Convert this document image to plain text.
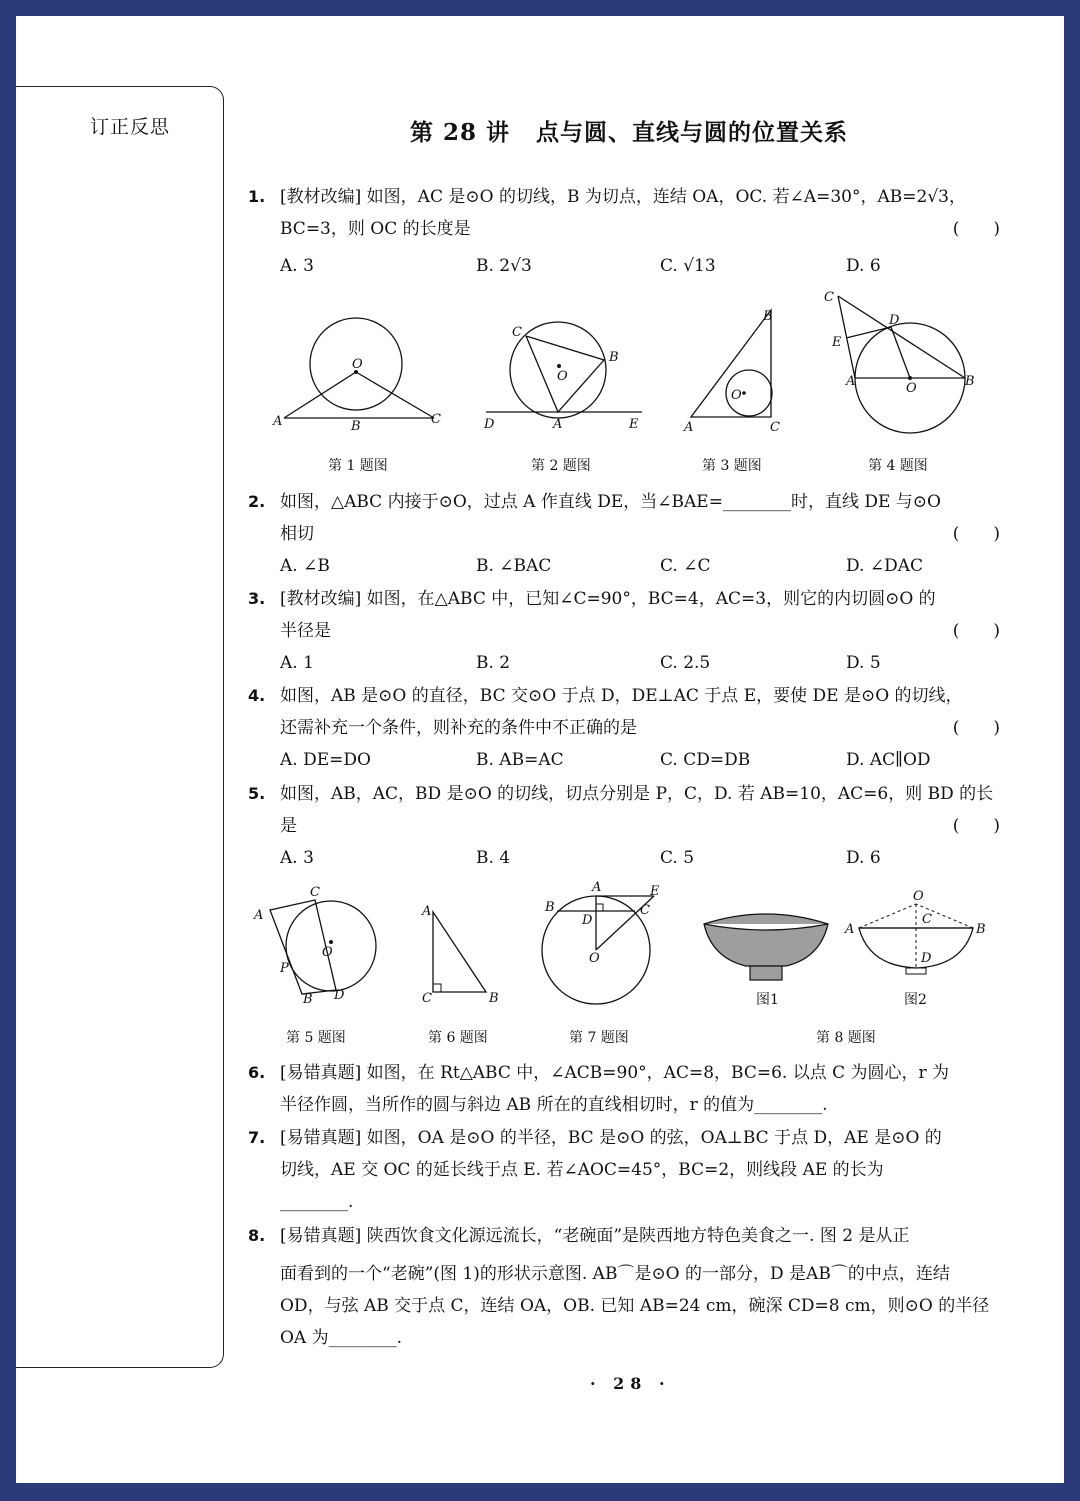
订正反思	第 28 讲 点与圆、直线与圆的位置关系
1. [教材改编] 如图，AC 是⊙O 的切线，B 为切点，连结 OA，OC. 若∠A=30°，AB=2√3，
BC=3，则 OC 的长度是	(　　)
A. 3	B. 2√3	C. √13	D. 6
O
A	B	C
C
B
O
D	A	E
B
O
A	C
C
D
E
A	O	B
第 1 题图	第 2 题图	第 3 题图	第 4 题图
2. 如图，△ABC 内接于⊙O，过点 A 作直线 DE，当∠BAE=________时，直线 DE 与⊙O
相切	(　　)
A. ∠B	B. ∠BAC	C. ∠C	D. ∠DAC
3. [教材改编] 如图，在△ABC 中，已知∠C=90°，BC=4，AC=3，则它的内切圆⊙O 的
半径是	(　　)
A. 1	B. 2	C. 2.5	D. 5
4. 如图，AB 是⊙O 的直径，BC 交⊙O 于点 D，DE⊥AC 于点 E，要使 DE 是⊙O 的切线，
还需补充一个条件，则补充的条件中不正确的是	(　　)
A. DE=DO	B. AB=AC	C. CD=DB	D. AC∥OD
5. 如图，AB，AC，BD 是⊙O 的切线，切点分别是 P，C，D. 若 AB=10，AC=6，则 BD 的长
是	(　　)
A. 3	B. 4	C. 5	D. 6
C
A
O
P
B D
A
C	B
A	E
B
D
C
O
O
C
A	B
D
图1	图2
第 5 题图	第 6 题图	第 7 题图	第 8 题图
6. [易错真题] 如图，在 Rt△ABC 中，∠ACB=90°，AC=8，BC=6. 以点 C 为圆心，r 为
半径作圆，当所作的圆与斜边 AB 所在的直线相切时，r 的值为________.
7. [易错真题] 如图，OA 是⊙O 的半径，BC 是⊙O 的弦，OA⊥BC 于点 D，AE 是⊙O 的
切线，AE 交 OC 的延长线于点 E. 若∠AOC=45°，BC=2，则线段 AE 的长为
________.
8. [易错真题] 陕西饮食文化源远流长，“老碗面”是陕西地方特色美食之一. 图 2 是从正
面看到的一个“老碗”(图 1)的形状示意图. AB⌒是⊙O 的一部分，D 是AB⌒的中点，连结
OD，与弦 AB 交于点 C，连结 OA，OB. 已知 AB=24 cm，碗深 CD=8 cm，则⊙O 的半径
OA 为________.
· 28 ·
